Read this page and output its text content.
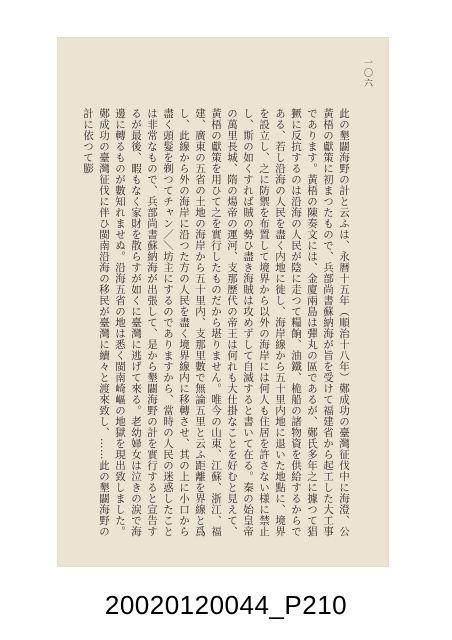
一〇六

此の墾闢海野の計と云ふは、永暦十五年（順治十八年）鄭成功の臺灣征伐中に海澄、公黃梧の獻策に初まつたもので、兵部尚書蘇納海が旨を受けて福建省から起工した大工事であります。黃梧の陳奏文には、金廈兩島は彈丸の區であるが、鄭氏多年之に據つて猖獗に反抗するのは沿海の人民が陰に走つて糧餉、油鐵、桅船の諸物資を供給するからである、若し沿海の人民を盡く内地に徙し、海岸線から五十里内地に退いた地點に、境界を設立し、之に防禦を布置して境界から以外の海岸には何人も住居を許さない様に禁止し、斯の如くすれば賊の勢ひ盡き海賊は攻めずして自滅すると書いて在る。秦の始皇帝の萬里長城、隋の煬帝の運河、支那歷代の帝王は何れも大仕掛なことを好むと見えて、黃梧の獻策を用ひて之を實行したものだから堪りません。唯今の山東、江蘇、浙江、福建、廣東の五省の土地の海岸から五十里内、支那里數で無論五里と云ふ距離を界線と爲し、此線から外の海岸に沿つた方の人民を盡く境界線内に移轉させ、其の上に小口から盡く頭髮を剃つてチャン／＼坊主にするのでありますから、當時の人民の迷惑したことは非常なもので、兵部尚書蘇納海が出張して、是から墾闢海野の計を實行すると宣告するが最後、暇もなく家財を散らすが如くに臺灣に逃げて來る。老幼婦女は泣きの涙で海邊に轉るものが數知れませぬ。沿海五省の地は悉く閩南崎嶇の地獄を現出致しました。

鄭成功の臺灣征伐に伴ひ閩南沿海の移民が臺灣に續々と渡來致し、……此の墾闢海野の計に依つて膨

20020120044_P210
